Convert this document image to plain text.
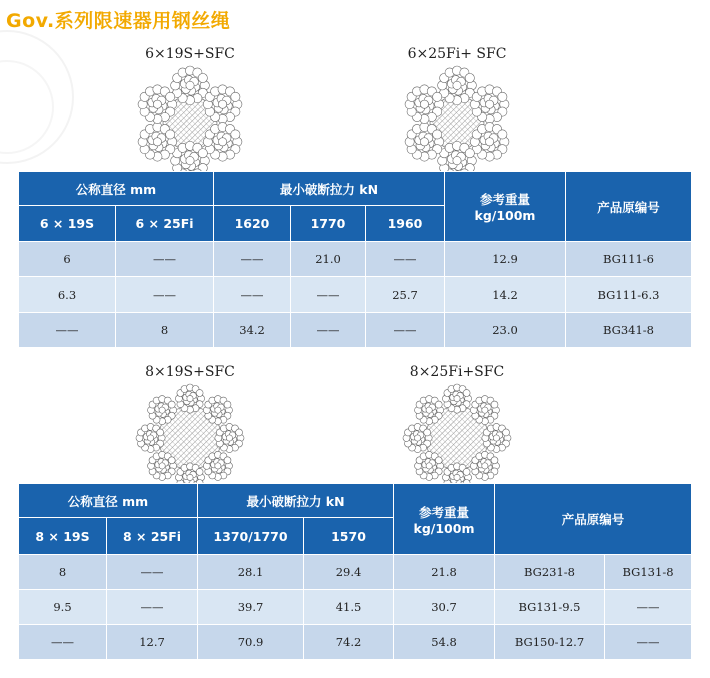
Gov.系列限速器用钢丝绳
6×19S+SFC	6×25Fi+ SFC
8×19S+SFC	8×25Fi+SFC
公称直径 mm		最小破断拉力 kN			参考重量
kg/100m	产品原编号
6 × 19S	6 × 25Fi	1620	1770	1960		
6	——	——	21.0	——	12.9	BG111-6
6.3	——	——	——	25.7	14.2	BG111-6.3
——	8	34.2	——	——	23.0	BG341-8
公称直径 mm		最小破断拉力 kN		参考重量
kg/100m	产品原编号	
8 × 19S	8 × 25Fi	1370/1770	1570			
8	——	28.1	29.4	21.8	BG231-8	BG131-8
9.5	——	39.7	41.5	30.7	BG131-9.5	——
——	12.7	70.9	74.2	54.8	BG150-12.7	——
